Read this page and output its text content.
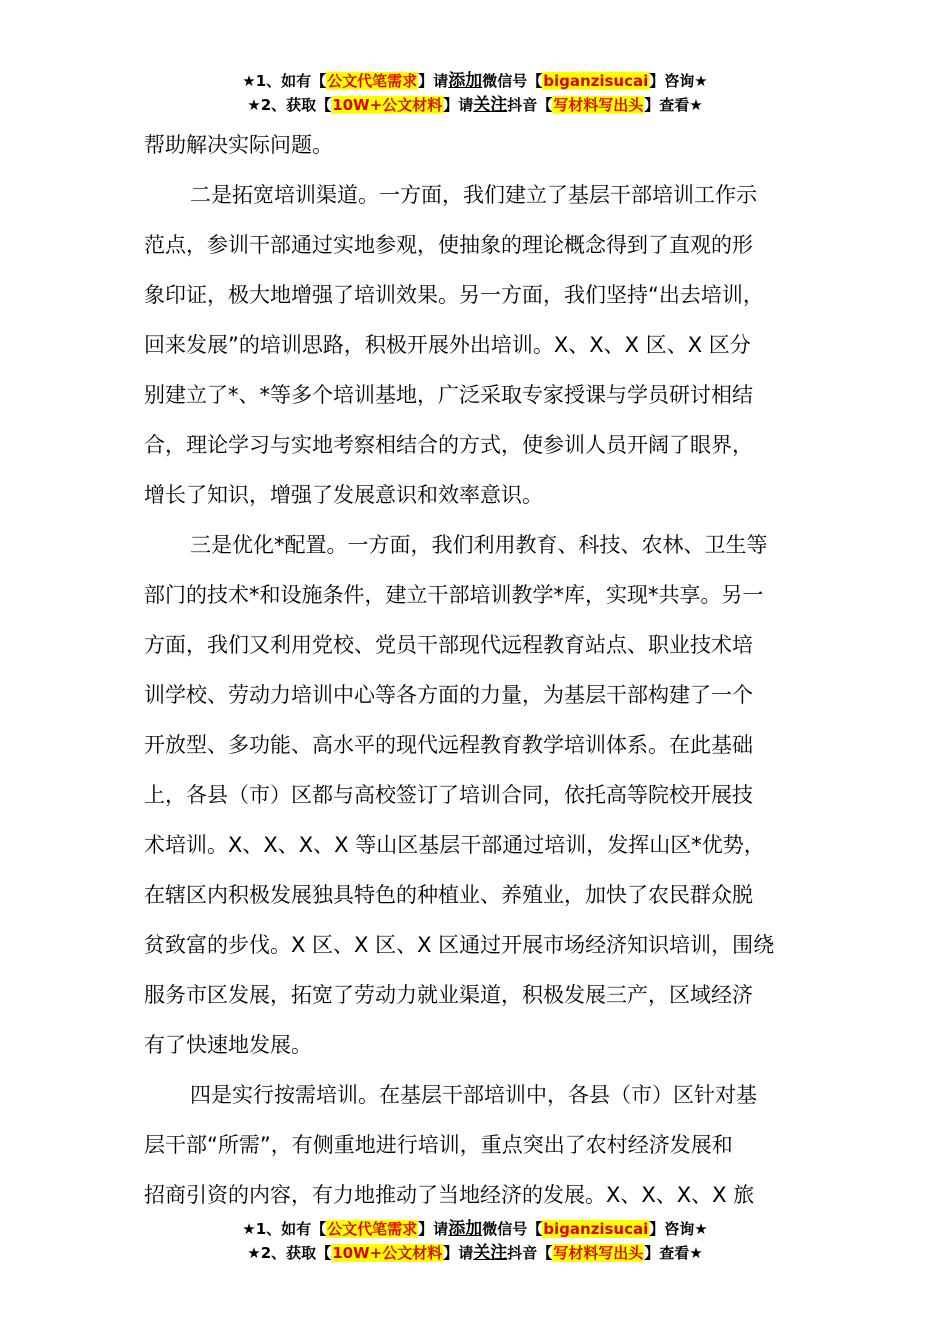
★1、如有【公文代笔需求】请添加微信号【biganzisucai】咨询★
★2、获取【10W+公文材料】请关注抖音【写材料写出头】查看★

帮助解决实际问题。

二是拓宽培训渠道。一方面，我们建立了基层干部培训工作示

范点，参训干部通过实地参观，使抽象的理论概念得到了直观的形

象印证，极大地增强了培训效果。另一方面，我们坚持“出去培训，

回来发展”的培训思路，积极开展外出培训。X、X、X 区、X 区分

别建立了*、*等多个培训基地，广泛采取专家授课与学员研讨相结

合，理论学习与实地考察相结合的方式，使参训人员开阔了眼界，

增长了知识，增强了发展意识和效率意识。

三是优化*配置。一方面，我们利用教育、科技、农林、卫生等

部门的技术*和设施条件，建立干部培训教学*库，实现*共享。另一

方面，我们又利用党校、党员干部现代远程教育站点、职业技术培

训学校、劳动力培训中心等各方面的力量，为基层干部构建了一个

开放型、多功能、高水平的现代远程教育教学培训体系。在此基础

上，各县（市）区都与高校签订了培训合同，依托高等院校开展技

术培训。X、X、X、X 等山区基层干部通过培训，发挥山区*优势，

在辖区内积极发展独具特色的种植业、养殖业，加快了农民群众脱

贫致富的步伐。X 区、X 区、X 区通过开展市场经济知识培训，围绕

服务市区发展，拓宽了劳动力就业渠道，积极发展三产，区域经济

有了快速地发展。

四是实行按需培训。在基层干部培训中，各县（市）区针对基

层干部“所需”，有侧重地进行培训，重点突出了农村经济发展和

招商引资的内容，有力地推动了当地经济的发展。X、X、X、X 旅

★1、如有【公文代笔需求】请添加微信号【biganzisucai】咨询★
★2、获取【10W+公文材料】请关注抖音【写材料写出头】查看★
